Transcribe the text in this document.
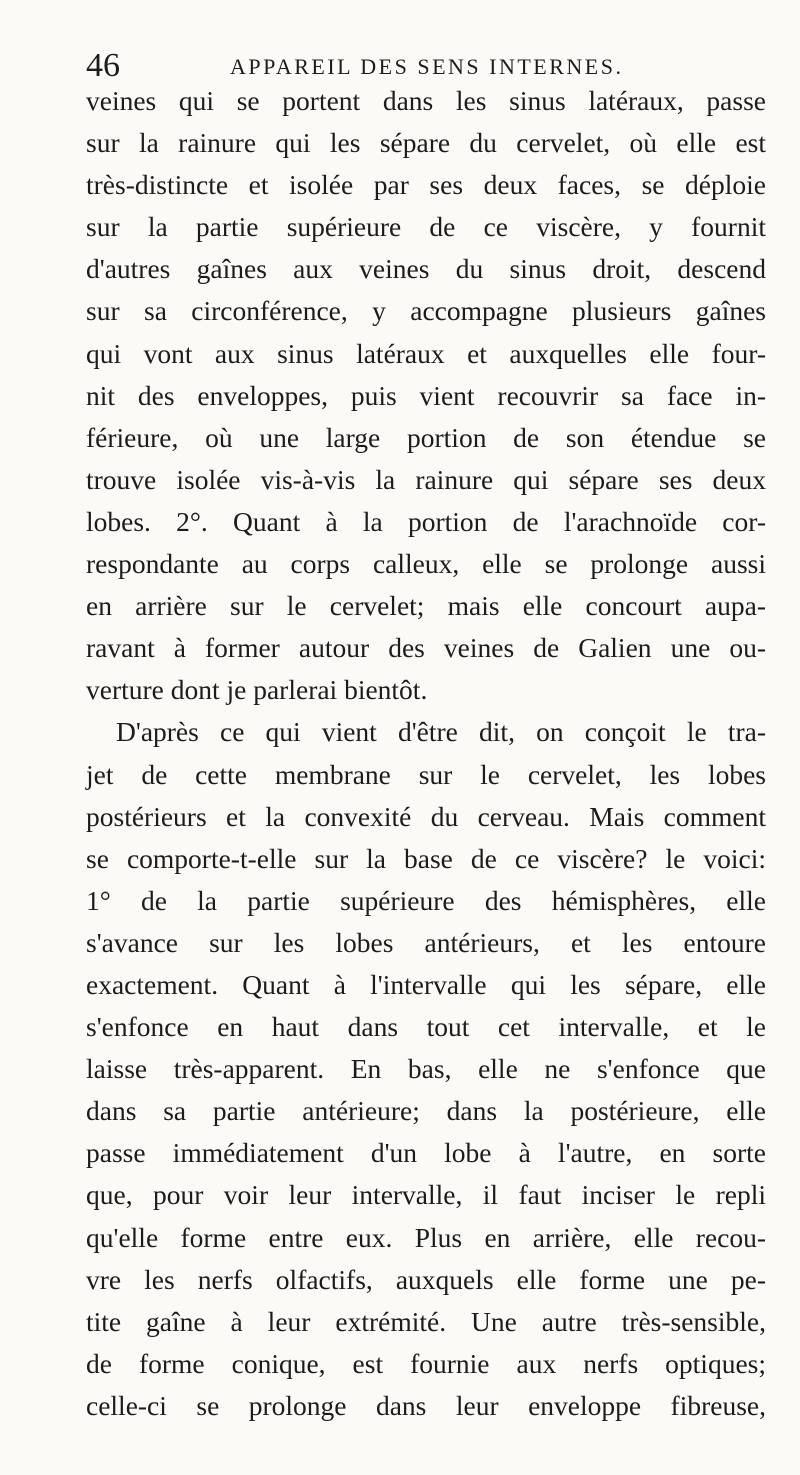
46	APPAREIL DES SENS INTERNES.
veines qui se portent dans les sinus latéraux, passe
sur la rainure qui les sépare du cervelet, où elle est
très-distincte et isolée par ses deux faces, se déploie
sur la partie supérieure de ce viscère, y fournit
d'autres gaînes aux veines du sinus droit, descend
sur sa circonférence, y accompagne plusieurs gaînes
qui vont aux sinus latéraux et auxquelles elle four-
nit des enveloppes, puis vient recouvrir sa face in-
férieure, où une large portion de son étendue se
trouve isolée vis-à-vis la rainure qui sépare ses deux
lobes. 2°. Quant à la portion de l'arachnoïde cor-
respondante au corps calleux, elle se prolonge aussi
en arrière sur le cervelet; mais elle concourt aupa-
ravant à former autour des veines de Galien une ou-
verture dont je parlerai bientôt.
D'après ce qui vient d'être dit, on conçoit le tra-
jet de cette membrane sur le cervelet, les lobes
postérieurs et la convexité du cerveau. Mais comment
se comporte-t-elle sur la base de ce viscère? le voici:
1° de la partie supérieure des hémisphères, elle
s'avance sur les lobes antérieurs, et les entoure
exactement. Quant à l'intervalle qui les sépare, elle
s'enfonce en haut dans tout cet intervalle, et le
laisse très-apparent. En bas, elle ne s'enfonce que
dans sa partie antérieure; dans la postérieure, elle
passe immédiatement d'un lobe à l'autre, en sorte
que, pour voir leur intervalle, il faut inciser le repli
qu'elle forme entre eux. Plus en arrière, elle recou-
vre les nerfs olfactifs, auxquels elle forme une pe-
tite gaîne à leur extrémité. Une autre très-sensible,
de forme conique, est fournie aux nerfs optiques;
celle-ci se prolonge dans leur enveloppe fibreuse,
